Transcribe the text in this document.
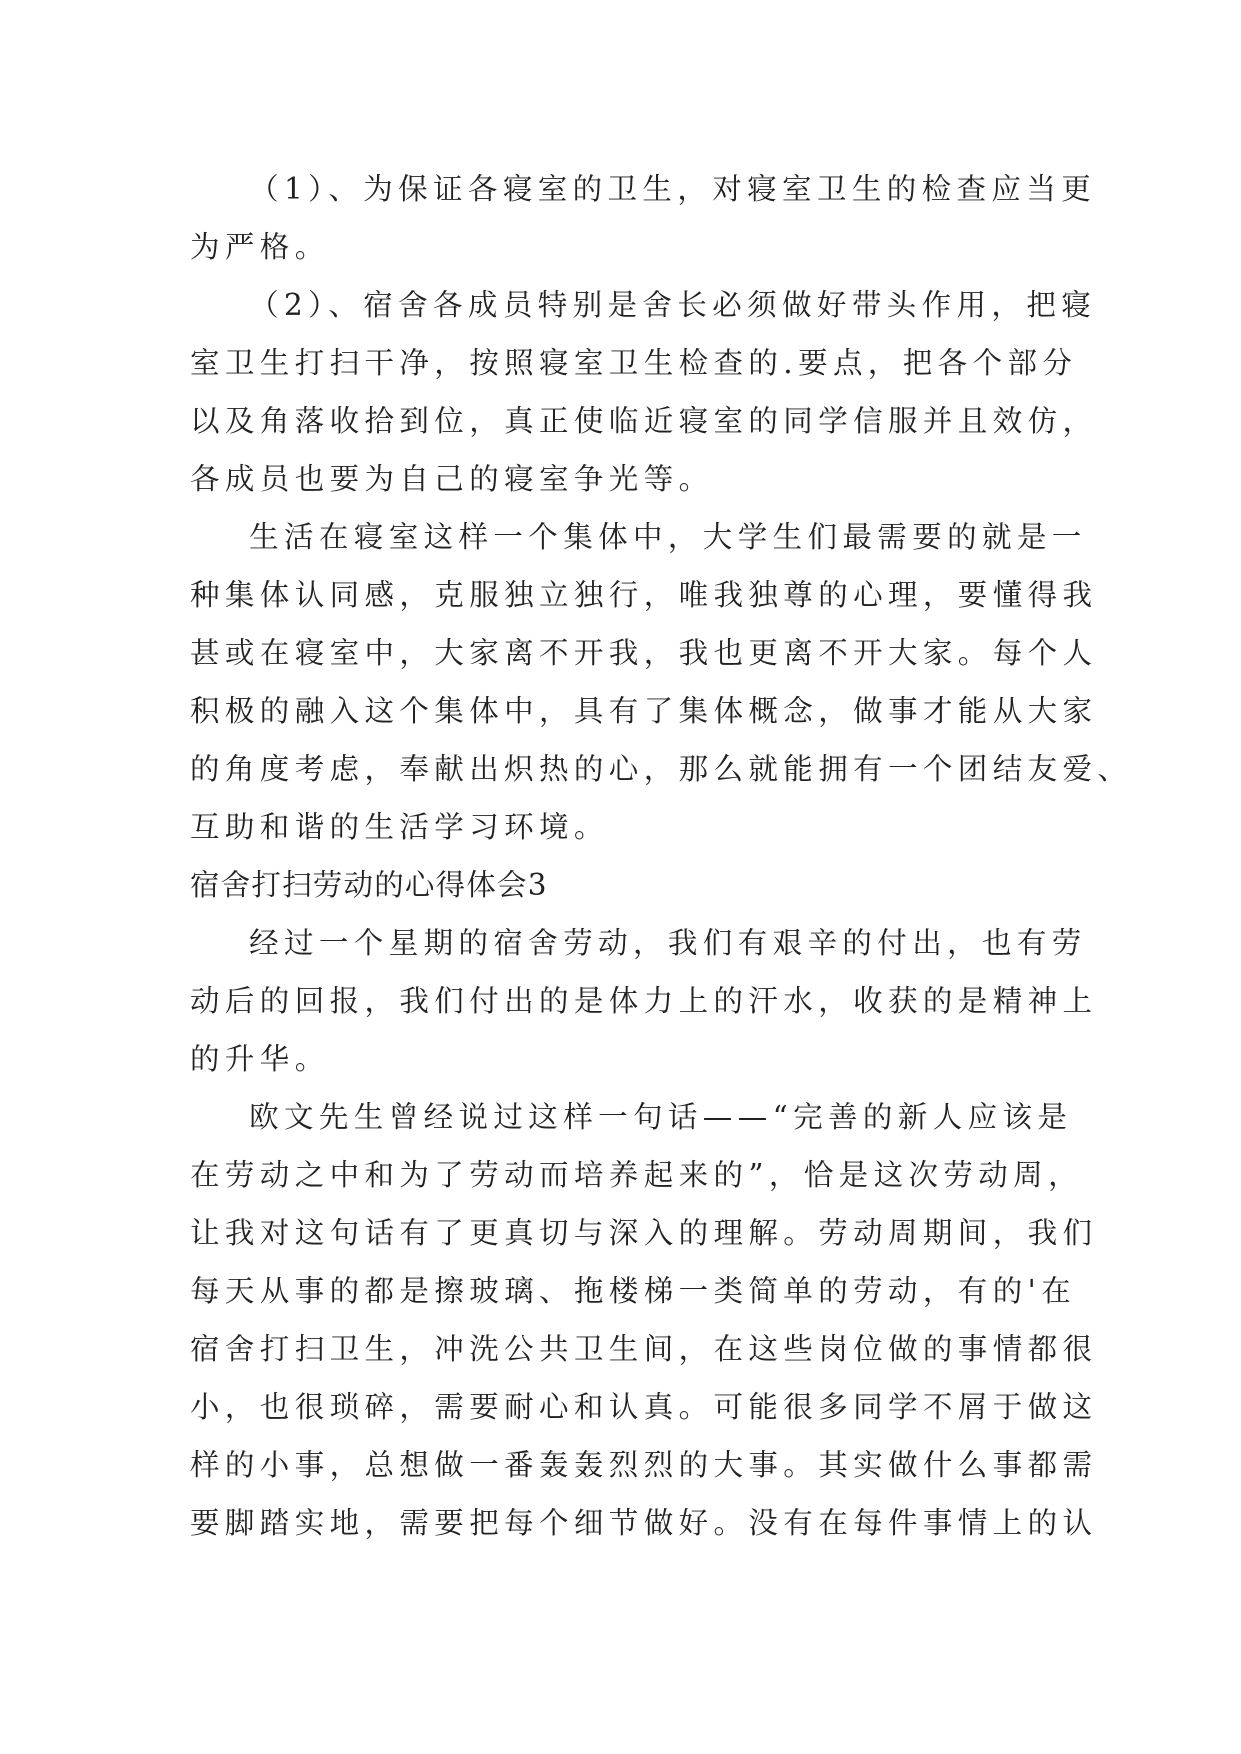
（1）、为保证各寝室的卫生，对寝室卫生的检查应当更
为严格。
（2）、宿舍各成员特别是舍长必须做好带头作用，把寝
室卫生打扫干净，按照寝室卫生检查的.要点，把各个部分
以及角落收拾到位，真正使临近寝室的同学信服并且效仿，
各成员也要为自己的寝室争光等。
生活在寝室这样一个集体中，大学生们最需要的就是一
种集体认同感，克服独立独行，唯我独尊的心理，要懂得我
甚或在寝室中，大家离不开我，我也更离不开大家。每个人
积极的融入这个集体中，具有了集体概念，做事才能从大家
的角度考虑，奉献出炽热的心，那么就能拥有一个团结友爱、
互助和谐的生活学习环境。
宿舍打扫劳动的心得体会3
经过一个星期的宿舍劳动，我们有艰辛的付出，也有劳
动后的回报，我们付出的是体力上的汗水，收获的是精神上
的升华。
欧文先生曾经说过这样一句话——“完善的新人应该是
在劳动之中和为了劳动而培养起来的”，恰是这次劳动周，
让我对这句话有了更真切与深入的理解。劳动周期间，我们
每天从事的都是擦玻璃、拖楼梯一类简单的劳动，有的'在
宿舍打扫卫生，冲洗公共卫生间，在这些岗位做的事情都很
小，也很琐碎，需要耐心和认真。可能很多同学不屑于做这
样的小事，总想做一番轰轰烈烈的大事。其实做什么事都需
要脚踏实地，需要把每个细节做好。没有在每件事情上的认
